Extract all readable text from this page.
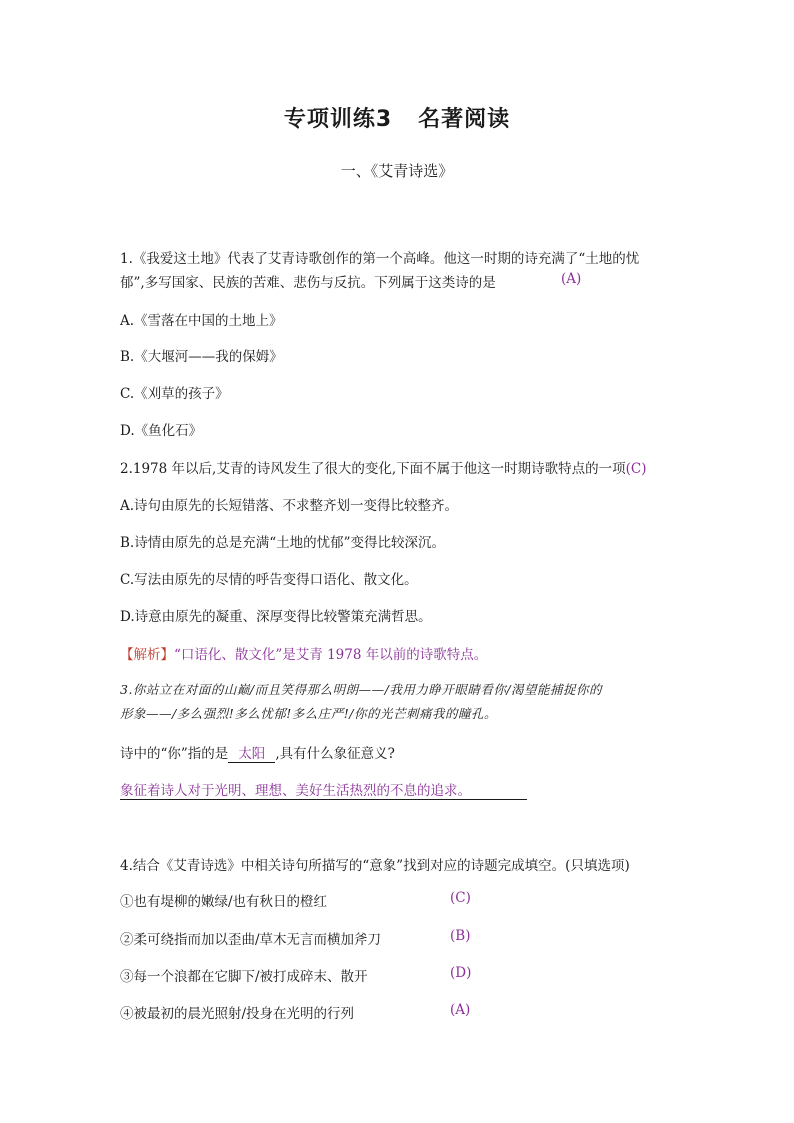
专项训练3 名著阅读
一、《艾青诗选》
1.《我爱这土地》代表了艾青诗歌创作的第一个高峰。他这一时期的诗充满了“土地的忧
郁”,多写国家、民族的苦难、悲伤与反抗。下列属于这类诗的是	(A)
A.《雪落在中国的土地上》
B.《大堰河——我的保姆》
C.《刈草的孩子》
D.《鱼化石》
2.1978 年以后,艾青的诗风发生了很大的变化,下面不属于他这一时期诗歌特点的一项(C)
A.诗句由原先的长短错落、不求整齐划一变得比较整齐。
B.诗情由原先的总是充满“土地的忧郁”变得比较深沉。
C.写法由原先的尽情的呼告变得口语化、散文化。
D.诗意由原先的凝重、深厚变得比较警策充满哲思。
【解析】“口语化、散文化”是艾青 1978 年以前的诗歌特点。
3.你站立在对面的山巅/而且笑得那么明朗——/我用力睁开眼睛看你/渴望能捕捉你的
形象——/多么强烈!多么忧郁!多么庄严!/你的光芒刺痛我的瞳孔。
诗中的“你”指的是 太阳 ,具有什么象征意义?
象征着诗人对于光明、理想、美好生活热烈的不息的追求。
4.结合《艾青诗选》中相关诗句所描写的“意象”找到对应的诗题完成填空。(只填选项)
①也有堤柳的嫩绿/也有秋日的橙红	(C)
②柔可绕指而加以歪曲/草木无言而横加斧刀	(B)
③每一个浪都在它脚下/被打成碎末、散开	(D)
④被最初的晨光照射/投身在光明的行列	(A)
